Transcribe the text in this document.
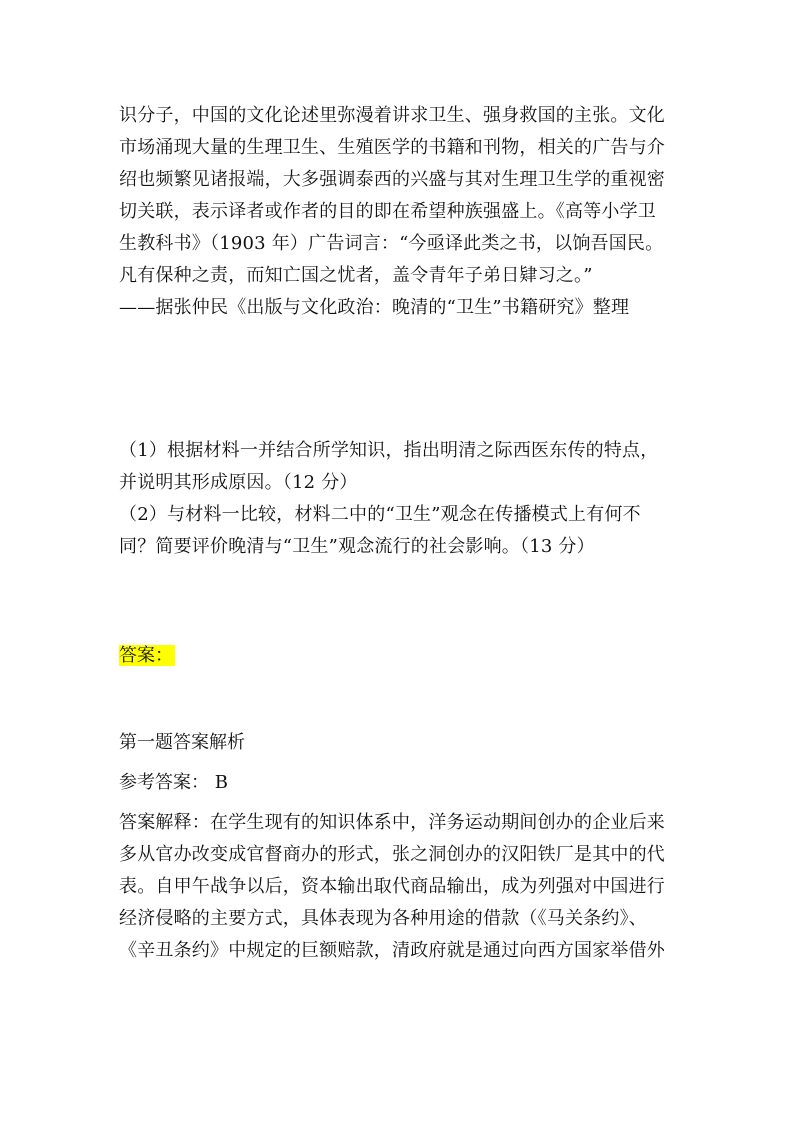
识分子，中国的文化论述里弥漫着讲求卫生、强身救国的主张。文化
市场涌现大量的生理卫生、生殖医学的书籍和刊物，相关的广告与介
绍也频繁见诸报端，大多强调泰西的兴盛与其对生理卫生学的重视密
切关联，表示译者或作者的目的即在希望种族强盛上。《高等小学卫
生教科书》（1903 年）广告词言：“今亟译此类之书，以饷吾国民。
凡有保种之责，而知亡国之忧者，盖令青年子弟日肄习之。”
——据张仲民《出版与文化政治：晚清的“卫生”书籍研究》整理
（1）根据材料一并结合所学知识，指出明清之际西医东传的特点，
并说明其形成原因。（12 分）
（2）与材料一比较，材料二中的“卫生”观念在传播模式上有何不
同？简要评价晚清与“卫生”观念流行的社会影响。（13 分）
答案：
第一题答案解析
参考答案： B
答案解释：在学生现有的知识体系中，洋务运动期间创办的企业后来
多从官办改变成官督商办的形式，张之洞创办的汉阳铁厂是其中的代
表。自甲午战争以后，资本输出取代商品输出，成为列强对中国进行
经济侵略的主要方式，具体表现为各种用途的借款（《马关条约》、
《辛丑条约》中规定的巨额赔款，清政府就是通过向西方国家举借外
